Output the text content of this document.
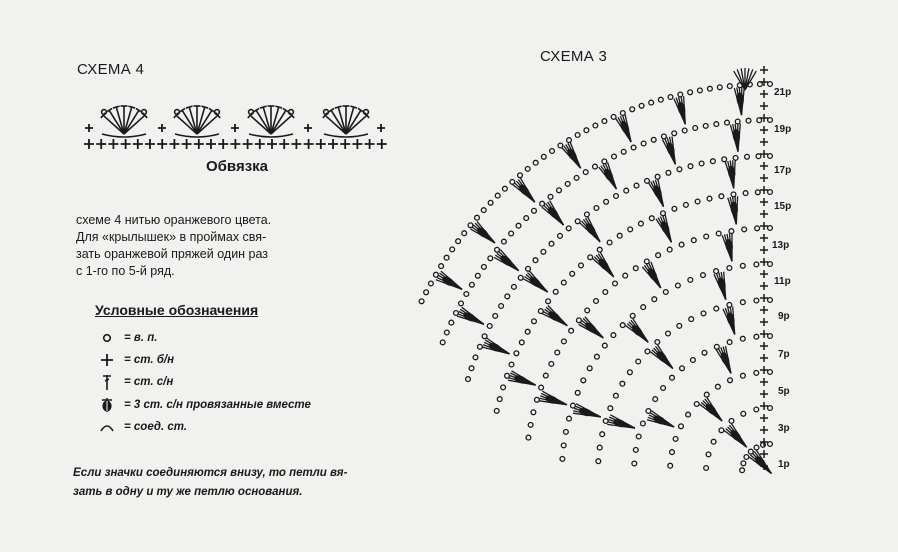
СХЕМА 4
Обвязка
схеме 4 нитью оранжевого цвета.
Для «крылышек» в проймах свя-
зать оранжевой пряжей один раз
с 1-го по 5-й ряд.
Условные обозначения
= в. п.
= ст. б/н
= ст. с/н
= 3 ст. с/н провязанные вместе
= соед. ст.
Если значки соединяются внизу, то петли вя-зать в одну и ту же петлю основания.
СХЕМА 3
21р
19р
17р
15р
13р
11р
9р
7р
5р
3р
1р
